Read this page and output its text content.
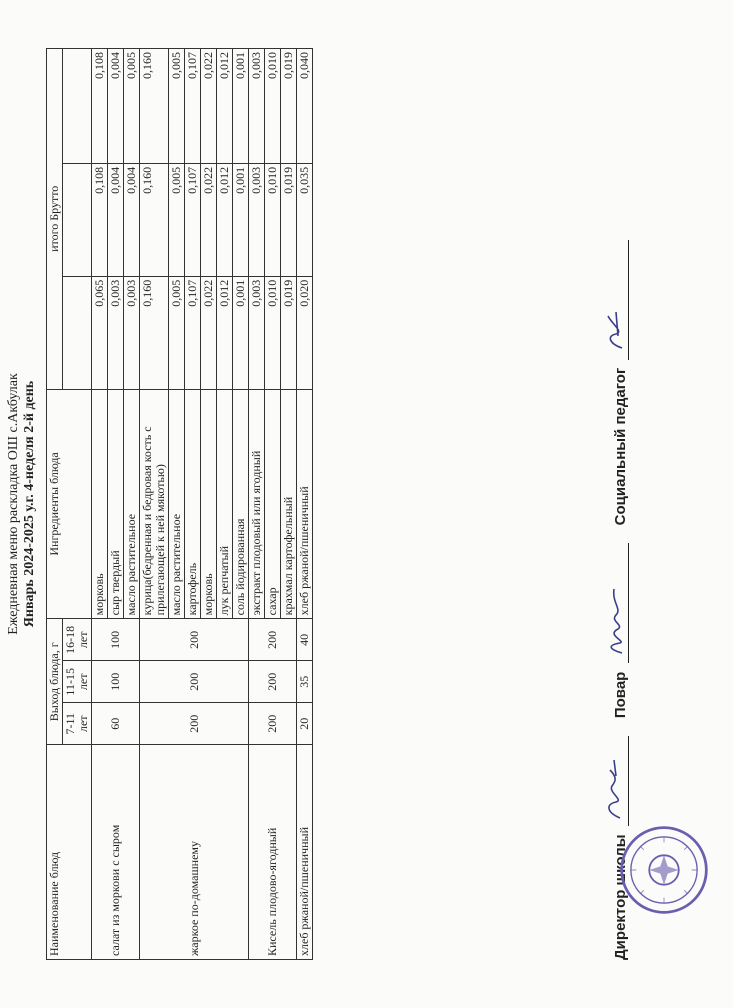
Ежедневная меню раскладка ОШ с.Акбулак Январь 2024-2025 у.г. 4-неделя 2-й день
Наименование блюд	Выход блюда, г			Ингредиенты блюда	итого Брутто		
	7-11 лет	11-15 лет	16-18 лет				
салат из моркови с сыром	60	100	100	морковь	0,065	0,108	0,108
				сыр твердый	0,003	0,004	0,004
				масло растительное	0,003	0,004	0,005
жаркое по-домашнему	200	200	200	курица(бедренная и бедровая кость с прилегающей к ней мякотью)	0,160	0,160	0,160
				масло растительное	0,005	0,005	0,005
				картофель	0,107	0,107	0,107
				морковь	0,022	0,022	0,022
				лук репчатый	0,012	0,012	0,012
				соль йодированная	0,001	0,001	0,001
Кисель плодово-ягодный	200	200	200	экстракт плодовый или ягодный	0,003	0,003	0,003
				сахар	0,010	0,010	0,010
				крахмал картофельный	0,019	0,019	0,019
хлеб ржаной/пшеничный	20	35	40	хлеб ржаной/пшеничный	0,020	0,035	0,040
Директор школы
Повар
Социальный педагог
